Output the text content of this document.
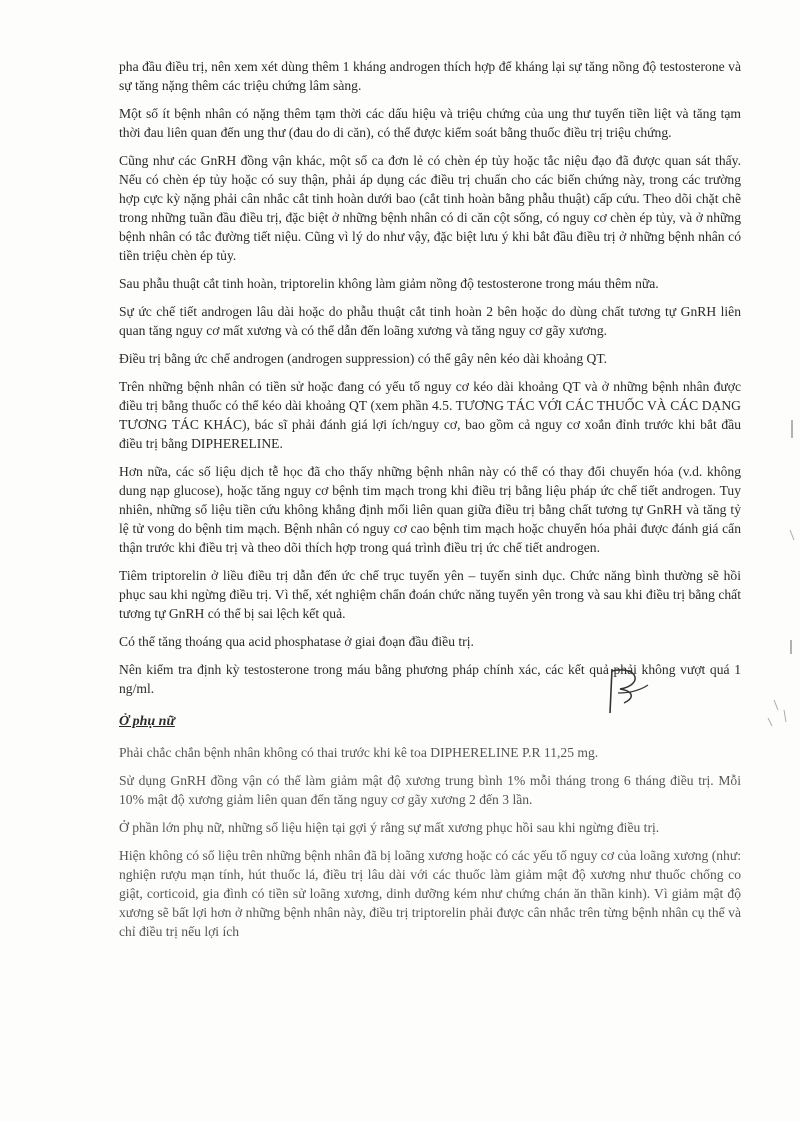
pha đầu điều trị, nên xem xét dùng thêm 1 kháng androgen thích hợp để kháng lại sự tăng nồng độ testosterone và sự tăng nặng thêm các triệu chứng lâm sàng.

Một số ít bệnh nhân có nặng thêm tạm thời các dấu hiệu và triệu chứng của ung thư tuyến tiền liệt và tăng tạm thời đau liên quan đến ung thư (đau do di căn), có thể được kiểm soát bằng thuốc điều trị triệu chứng.

Cũng như các GnRH đồng vận khác, một số ca đơn lẻ có chèn ép tủy hoặc tắc niệu đạo đã được quan sát thấy. Nếu có chèn ép tủy hoặc có suy thận, phải áp dụng các điều trị chuẩn cho các biến chứng này, trong các trường hợp cực kỳ nặng phải cân nhắc cắt tinh hoàn dưới bao (cắt tinh hoàn bằng phẫu thuật) cấp cứu. Theo dõi chặt chẽ trong những tuần đầu điều trị, đặc biệt ở những bệnh nhân có di căn cột sống, có nguy cơ chèn ép tủy, và ở những bệnh nhân có tắc đường tiết niệu. Cũng vì lý do như vậy, đặc biệt lưu ý khi bắt đầu điều trị ở những bệnh nhân có tiền triệu chèn ép tủy.

Sau phẫu thuật cắt tinh hoàn, triptorelin không làm giảm nồng độ testosterone trong máu thêm nữa.

Sự ức chế tiết androgen lâu dài hoặc do phẫu thuật cắt tinh hoàn 2 bên hoặc do dùng chất tương tự GnRH liên quan tăng nguy cơ mất xương và có thể dẫn đến loãng xương và tăng nguy cơ gãy xương.

Điều trị bằng ức chế androgen (androgen suppression) có thể gây nên kéo dài khoảng QT.

Trên những bệnh nhân có tiền sử hoặc đang có yếu tố nguy cơ kéo dài khoảng QT và ở những bệnh nhân được điều trị bằng thuốc có thể kéo dài khoảng QT (xem phần 4.5. TƯƠNG TÁC VỚI CÁC THUỐC VÀ CÁC DẠNG TƯƠNG TÁC KHÁC), bác sĩ phải đánh giá lợi ích/nguy cơ, bao gồm cả nguy cơ xoắn đỉnh trước khi bắt đầu điều trị bằng DIPHERELINE.

Hơn nữa, các số liệu dịch tễ học đã cho thấy những bệnh nhân này có thể có thay đổi chuyển hóa (v.d. không dung nạp glucose), hoặc tăng nguy cơ bệnh tim mạch trong khi điều trị bằng liệu pháp ức chế tiết androgen. Tuy nhiên, những số liệu tiền cứu không khẳng định mối liên quan giữa điều trị bằng chất tương tự GnRH và tăng tỷ lệ tử vong do bệnh tim mạch. Bệnh nhân có nguy cơ cao bệnh tim mạch hoặc chuyển hóa phải được đánh giá cẩn thận trước khi điều trị và theo dõi thích hợp trong quá trình điều trị ức chế tiết androgen.

Tiêm triptorelin ở liều điều trị dẫn đến ức chế trục tuyến yên – tuyến sinh dục. Chức năng bình thường sẽ hồi phục sau khi ngừng điều trị. Vì thế, xét nghiệm chẩn đoán chức năng tuyến yên trong và sau khi điều trị bằng chất tương tự GnRH có thể bị sai lệch kết quả.

Có thể tăng thoáng qua acid phosphatase ở giai đoạn đầu điều trị.

Nên kiểm tra định kỳ testosterone trong máu bằng phương pháp chính xác, các kết quả phải không vượt quá 1 ng/ml.

Ở phụ nữ

Phải chắc chắn bệnh nhân không có thai trước khi kê toa DIPHERELINE P.R 11,25 mg.

Sử dụng GnRH đồng vận có thể làm giảm mật độ xương trung bình 1% mỗi tháng trong 6 tháng điều trị. Mỗi 10% mật độ xương giảm liên quan đến tăng nguy cơ gãy xương 2 đến 3 lần.

Ở phần lớn phụ nữ, những số liệu hiện tại gợi ý rằng sự mất xương phục hồi sau khi ngừng điều trị.

Hiện không có số liệu trên những bệnh nhân đã bị loãng xương hoặc có các yếu tố nguy cơ của loãng xương (như: nghiện rượu mạn tính, hút thuốc lá, điều trị lâu dài với các thuốc làm giảm mật độ xương như thuốc chống co giật, corticoid, gia đình có tiền sử loãng xương, dinh dưỡng kém như chứng chán ăn thần kinh). Vì giảm mật độ xương sẽ bất lợi hơn ở những bệnh nhân này, điều trị triptorelin phải được cân nhắc trên từng bệnh nhân cụ thể và chỉ điều trị nếu lợi ích
